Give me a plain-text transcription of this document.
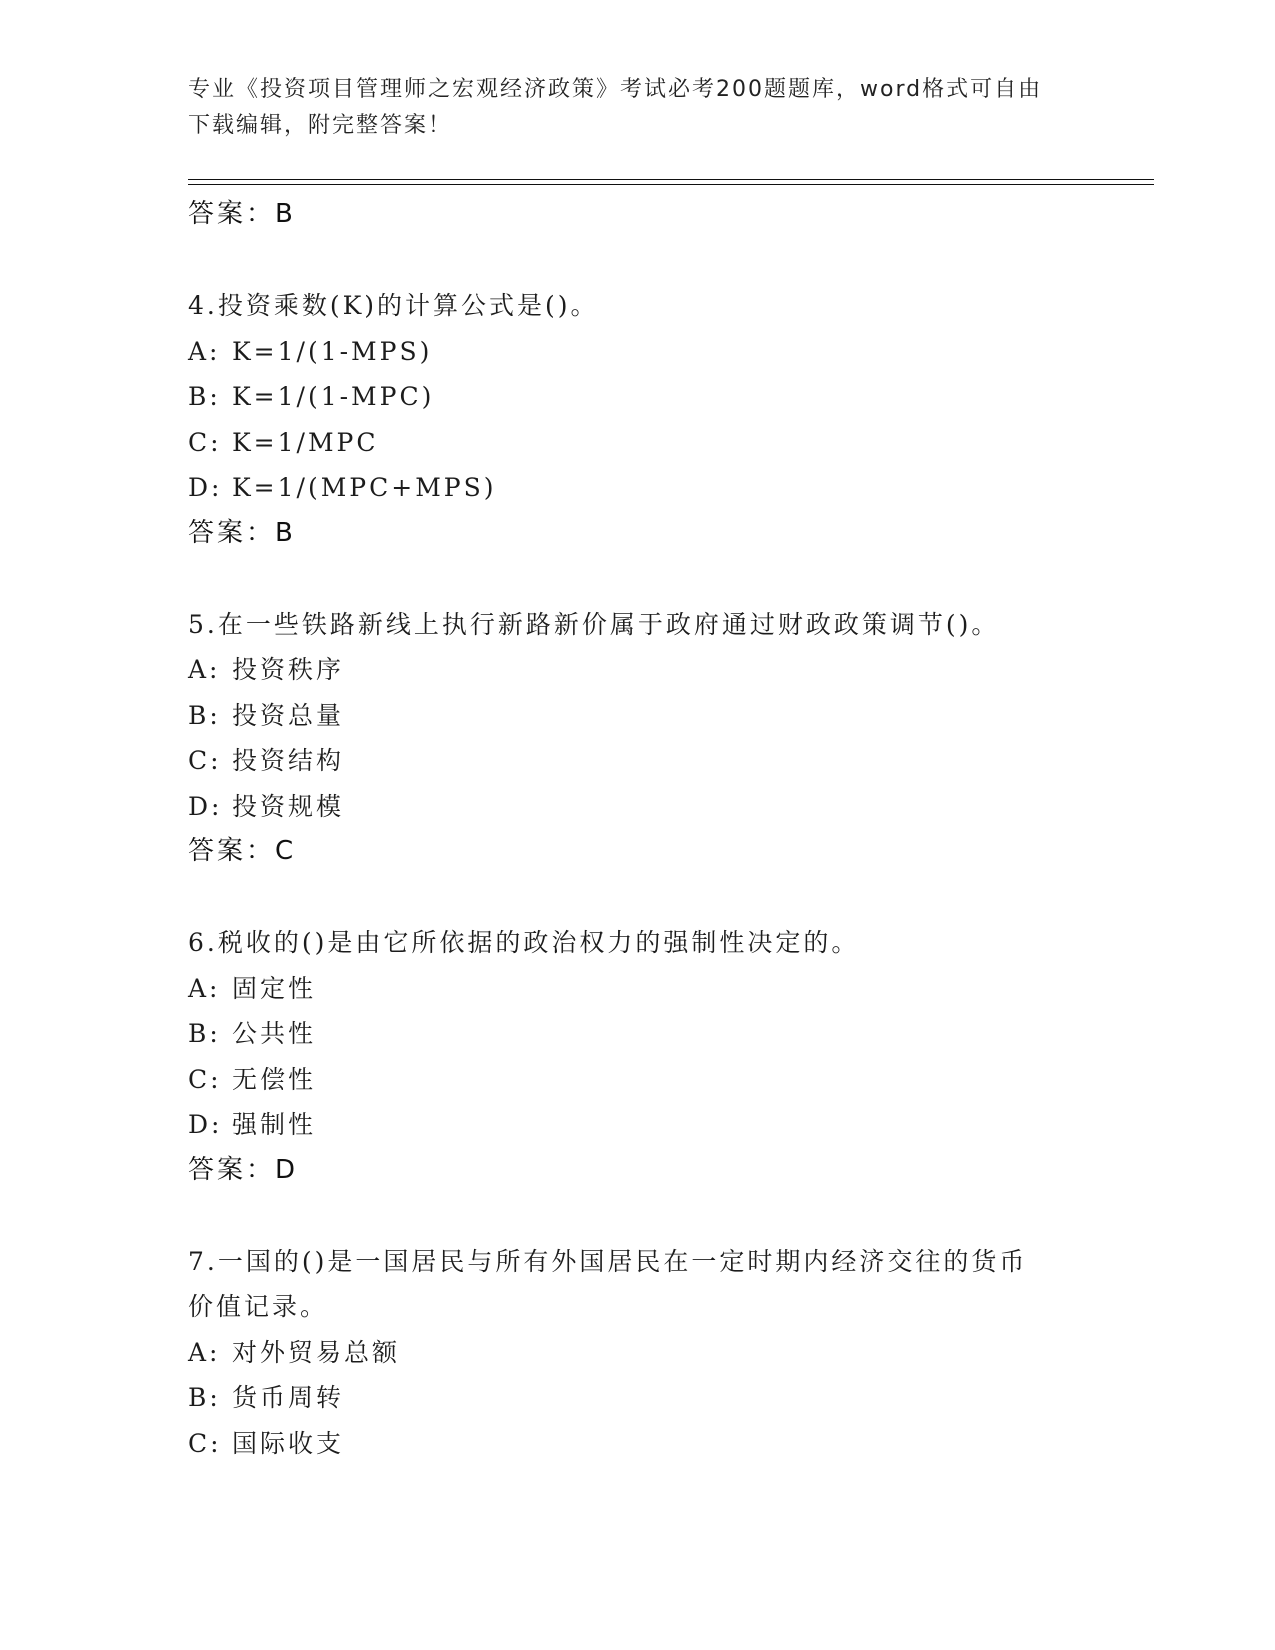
专业《投资项目管理师之宏观经济政策》考试必考200题题库，word格式可自由
下载编辑，附完整答案！
答案：B
4.投资乘数(K)的计算公式是()。
A: K=1/(1-MPS)
B: K=1/(1-MPC)
C: K=1/MPC
D: K=1/(MPC+MPS)
答案：B
5.在一些铁路新线上执行新路新价属于政府通过财政政策调节()。
A: 投资秩序
B: 投资总量
C: 投资结构
D: 投资规模
答案：C
6.税收的()是由它所依据的政治权力的强制性决定的。
A: 固定性
B: 公共性
C: 无偿性
D: 强制性
答案：D
7.一国的()是一国居民与所有外国居民在一定时期内经济交往的货币
价值记录。
A: 对外贸易总额
B: 货币周转
C: 国际收支
